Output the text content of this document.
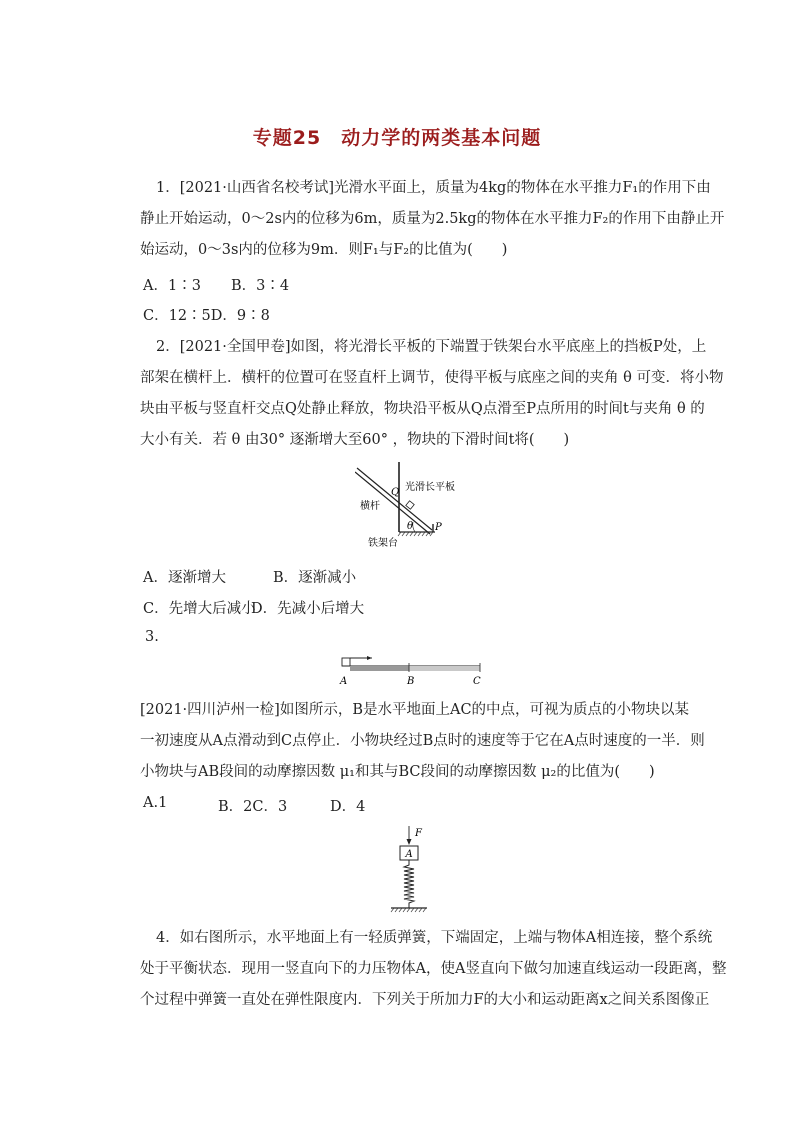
专题25　动力学的两类基本问题
1．[2021·山西省名校考试]光滑水平面上，质量为4kg的物体在水平推力F₁的作用下由
静止开始运动，0～2s内的位移为6m，质量为2.5kg的物体在水平推力F₂的作用下由静止开
始运动，0～3s内的位移为9m．则F₁与F₂的比值为(　　)
A．1∶3 B．3∶4
C．12∶5D．9∶8
2．[2021·全国甲卷]如图，将光滑长平板的下端置于铁架台水平底座上的挡板P处，上
部架在横杆上．横杆的位置可在竖直杆上调节，使得平板与底座之间的夹角 θ 可变．将小物
块由平板与竖直杆交点Q处静止释放，物块沿平板从Q点滑至P点所用的时间t与夹角 θ 的
大小有关．若 θ 由30° 逐渐增大至60° ，物块的下滑时间t将(　　)
Q
P
θ
光滑长平板
横杆
铁架台
A．逐渐增大	B．逐渐减小
C．先增大后减小
D．先减小后增大
3.
A	B	C
[2021·四川泸州一检]如图所示，B是水平地面上AC的中点，可视为质点的小物块以某
一初速度从A点滑动到C点停止．小物块经过B点时的速度等于它在A点时速度的一半．则
小物块与AB段间的动摩擦因数 μ₁和其与BC段间的动摩擦因数 μ₂的比值为(　　)
A.1	B．2C．3	D．4
F
A
4．如右图所示，水平地面上有一轻质弹簧，下端固定，上端与物体A相连接，整个系统
处于平衡状态．现用一竖直向下的力压物体A，使A竖直向下做匀加速直线运动一段距离，整
个过程中弹簧一直处在弹性限度内．下列关于所加力F的大小和运动距离x之间关系图像正
